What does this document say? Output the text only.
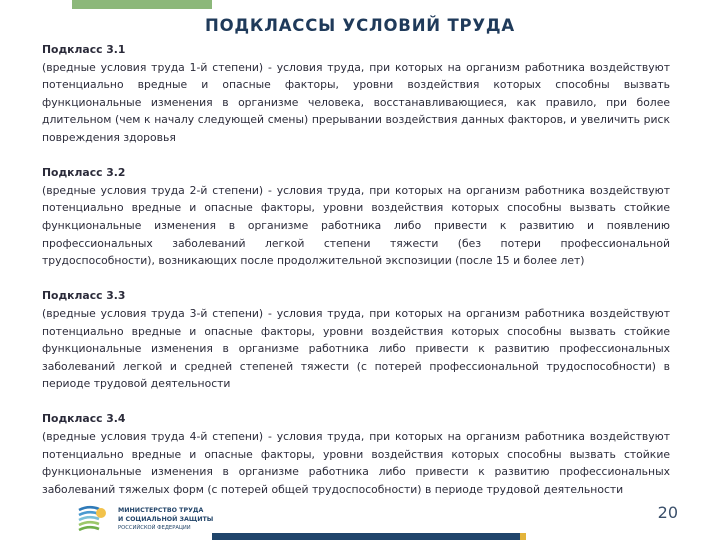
ПОДКЛАССЫ УСЛОВИЙ ТРУДА
Подкласс 3.1
(вредные условия труда 1-й степени) - условия труда, при которых на организм работника воздействуют потенциально вредные и опасные факторы, уровни воздействия которых способны вызвать функциональные изменения в организме человека, восстанавливающиеся, как правило, при более длительном (чем к началу следующей смены) прерывании воздействия данных факторов, и увеличить риск повреждения здоровья
Подкласс 3.2
(вредные условия труда 2-й степени) - условия труда, при которых на организм работника воздействуют потенциально вредные и опасные факторы, уровни воздействия которых способны вызвать стойкие функциональные изменения в организме работника либо привести к развитию и появлению профессиональных заболеваний легкой степени тяжести (без потери профессиональной трудоспособности), возникающих после продолжительной экспозиции (после 15 и более лет)
Подкласс 3.3
(вредные условия труда 3-й степени) - условия труда, при которых на организм работника воздействуют потенциально вредные и опасные факторы, уровни воздействия которых способны вызвать стойкие функциональные изменения в организме работника либо привести к развитию профессиональных заболеваний легкой и средней степеней тяжести (с потерей профессиональной трудоспособности) в периоде трудовой деятельности
Подкласс 3.4
(вредные условия труда 4-й степени) - условия труда, при которых на организм работника воздействуют потенциально вредные и опасные факторы, уровни воздействия которых способны вызвать стойкие функциональные изменения в организме работника либо привести к развитию профессиональных заболеваний тяжелых форм (с потерей общей трудоспособности) в периоде трудовой деятельности
МИНИСТЕРСТВО ТРУДА
И СОЦИАЛЬНОЙ ЗАЩИТЫ
РОССИЙСКОЙ ФЕДЕРАЦИИ
20
